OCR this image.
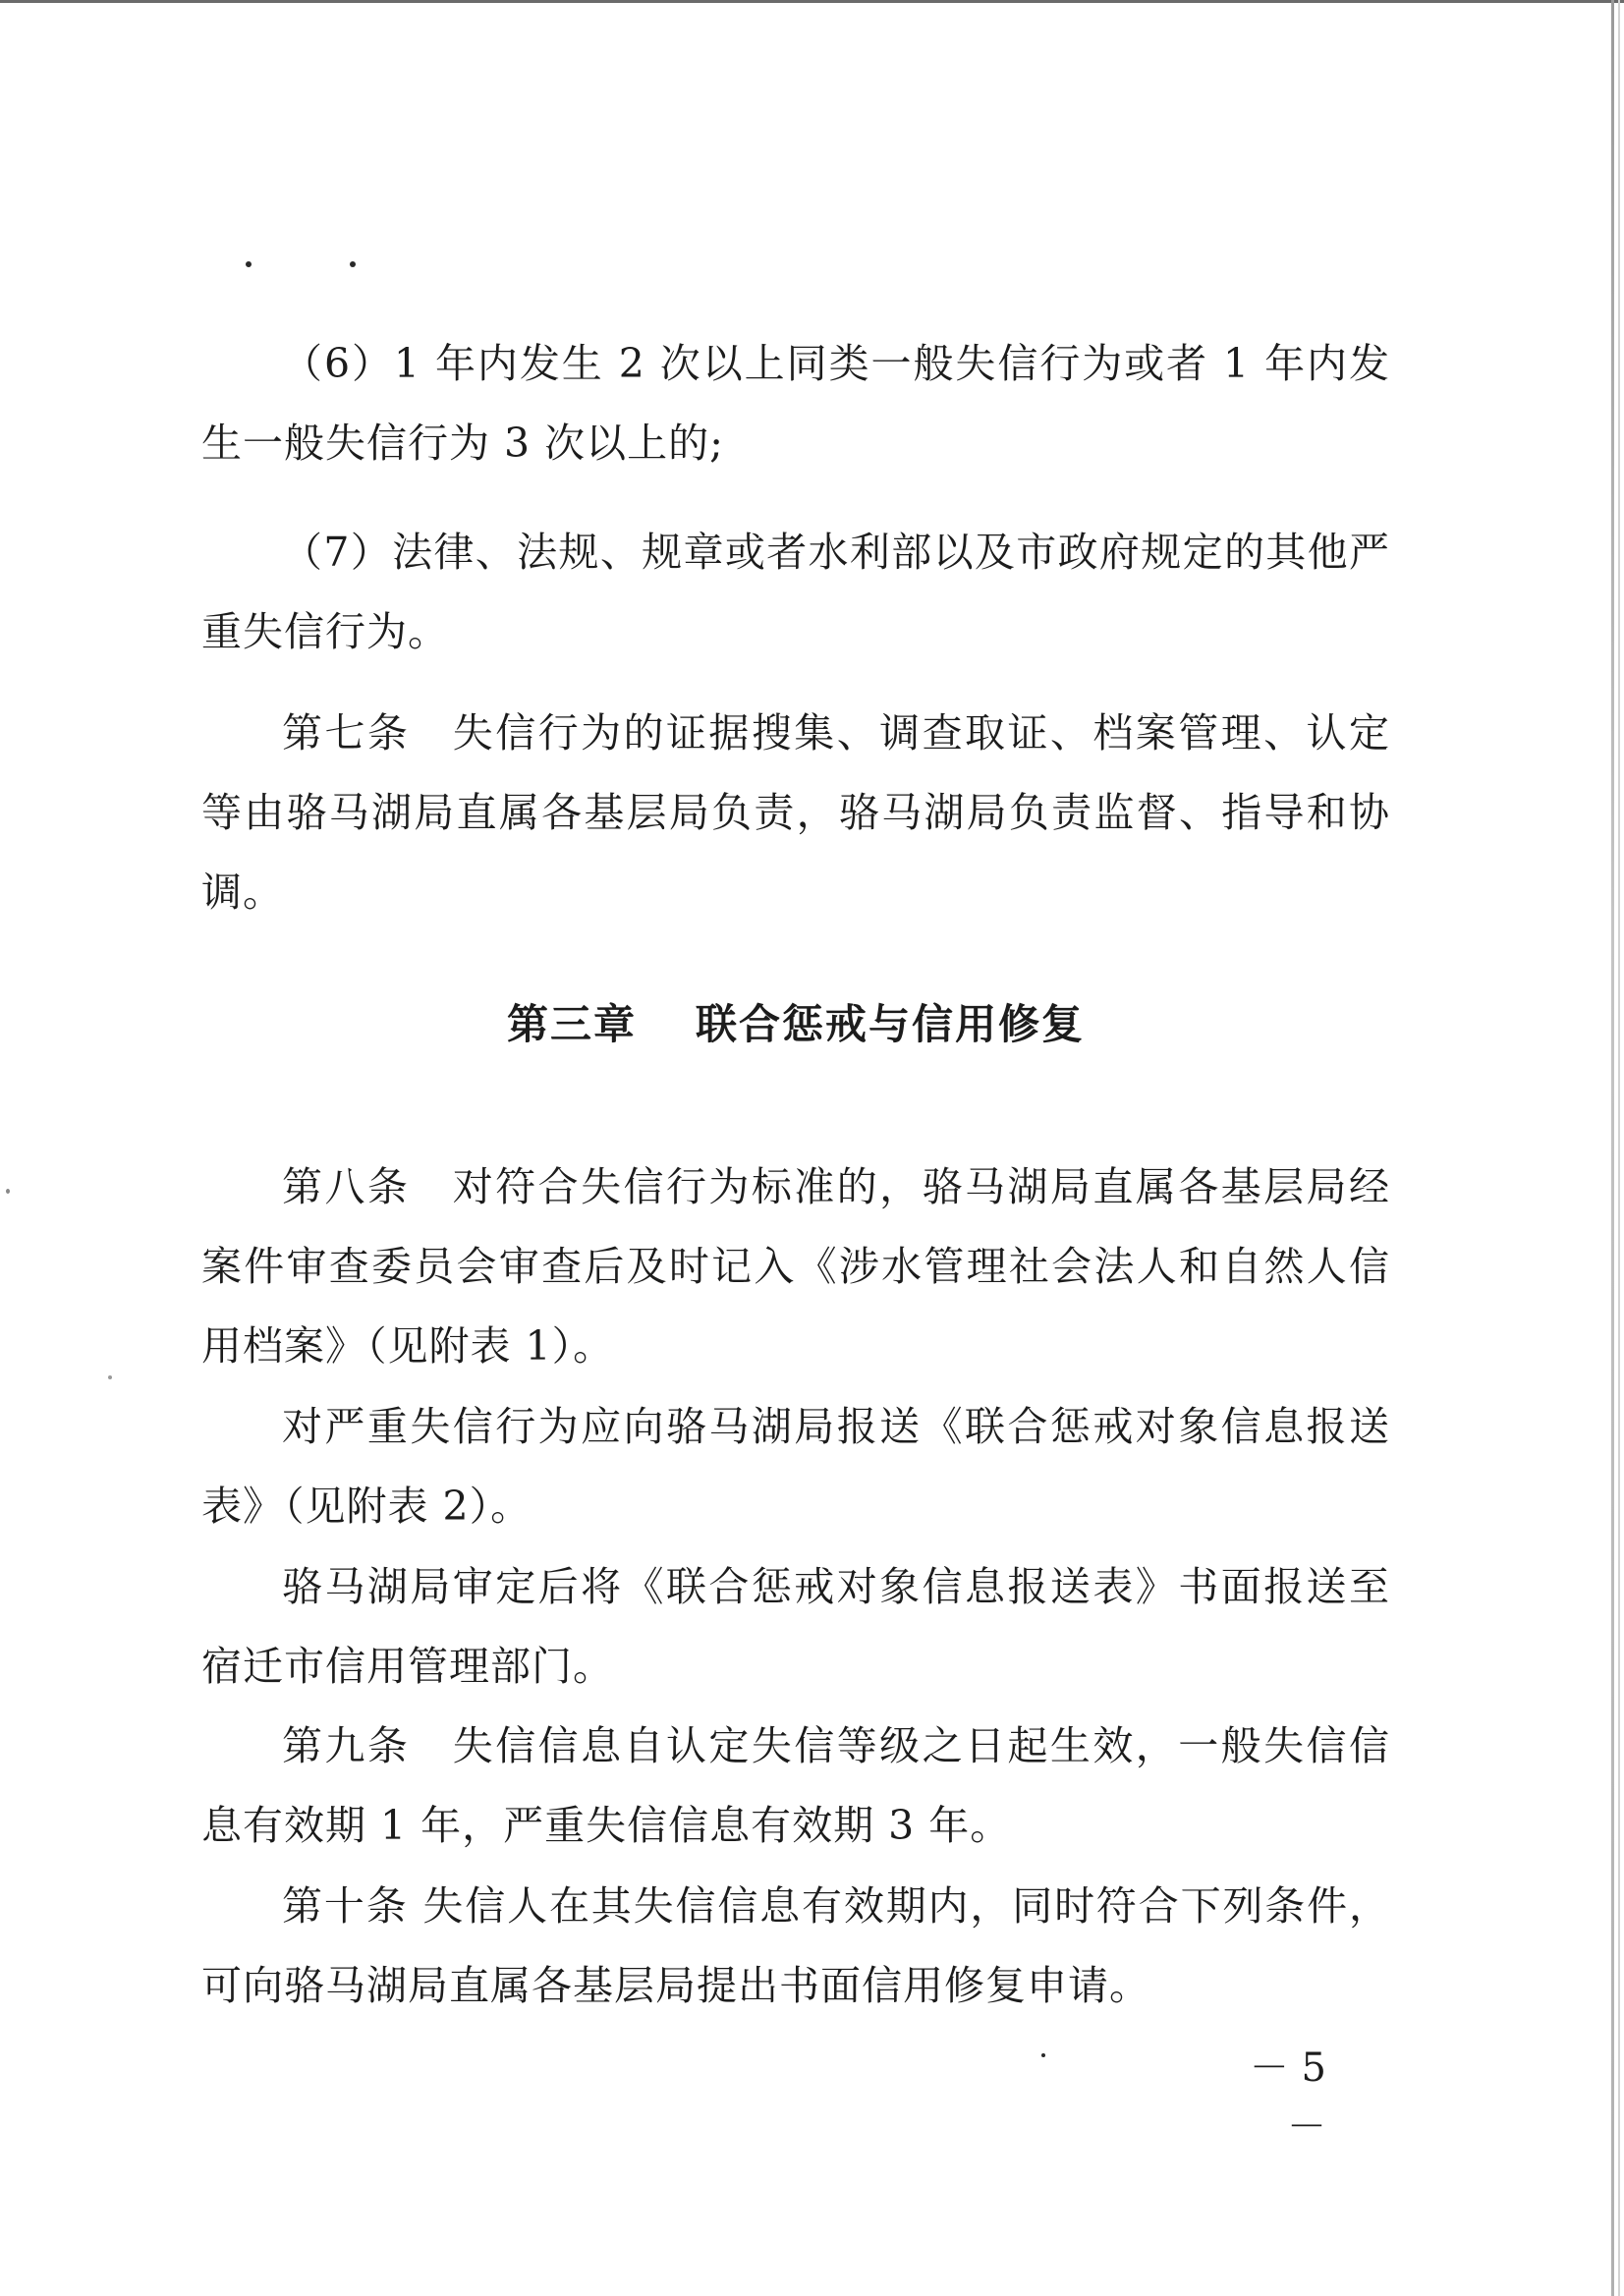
（6）1 年内发生 2 次以上同类一般失信行为或者 1 年内发生一般失信行为 3 次以上的;

（7）法律、法规、规章或者水利部以及市政府规定的其他严重失信行为。

第七条　失信行为的证据搜集、调查取证、档案管理、认定等由骆马湖局直属各基层局负责，骆马湖局负责监督、指导和协调。

第三章 联合惩戒与信用修复

第八条　对符合失信行为标准的，骆马湖局直属各基层局经案件审查委员会审查后及时记入《涉水管理社会法人和自然人信用档案》（见附表 1）。

对严重失信行为应向骆马湖局报送《联合惩戒对象信息报送表》（见附表 2）。

骆马湖局审定后将《联合惩戒对象信息报送表》书面报送至宿迁市信用管理部门。

第九条　失信信息自认定失信等级之日起生效，一般失信信息有效期 1 年，严重失信信息有效期 3 年。

第十条 失信人在其失信信息有效期内，同时符合下列条件，可向骆马湖局直属各基层局提出书面信用修复申请。

－ 5 －
